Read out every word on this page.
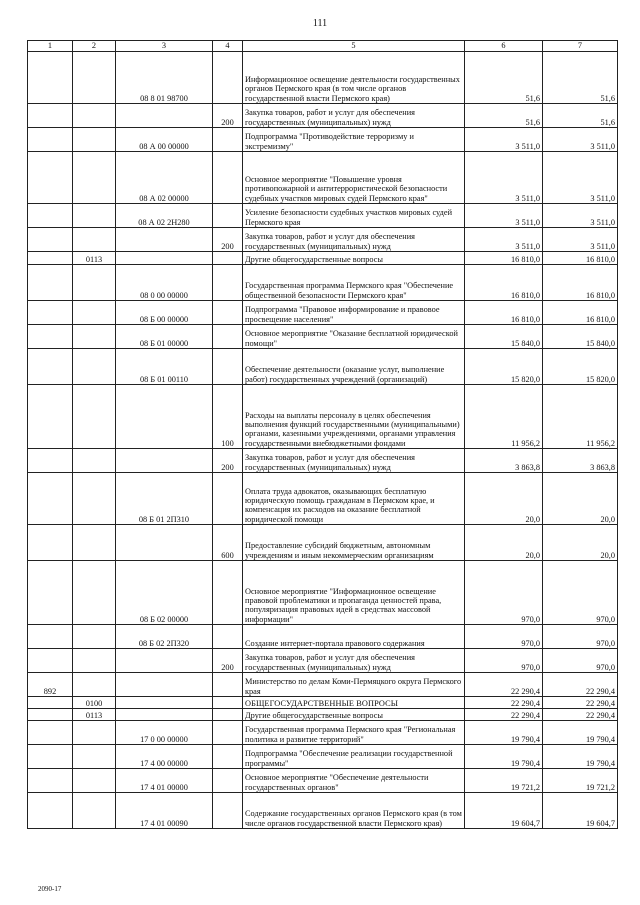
111
1	2	3	4	5	6	7
		08 8 01 98700		Информационное освещение деятельности государственных органов Пермского края (в том числе органов государственной власти Пермского края)	51,6	51,6
			200	Закупка товаров, работ и услуг для обеспечения государственных (муниципальных) нужд	51,6	51,6
		08 А 00 00000		Подпрограмма "Противодействие терроризму и экстремизму"	3 511,0	3 511,0
		08 А 02 00000		Основное мероприятие "Повышение уровня противопожарной и антитеррористической безопасности судебных участков мировых судей Пермского края"	3 511,0	3 511,0
		08 А 02 2Н280		Усиление безопасности судебных участков мировых судей Пермского края	3 511,0	3 511,0
			200	Закупка товаров, работ и услуг для обеспечения государственных (муниципальных) нужд	3 511,0	3 511,0
	0113			Другие общегосударственные вопросы	16 810,0	16 810,0
		08 0 00 00000		Государственная программа Пермского края "Обеспечение общественной безопасности Пермского края"	16 810,0	16 810,0
		08 Б 00 00000		Подпрограмма "Правовое информирование и правовое просвещение населения"	16 810,0	16 810,0
		08 Б 01 00000		Основное мероприятие "Оказание бесплатной юридической помощи"	15 840,0	15 840,0
		08 Б 01 00110		Обеспечение деятельности (оказание услуг, выполнение работ) государственных учреждений (организаций)	15 820,0	15 820,0
			100	Расходы на выплаты персоналу в целях обеспечения выполнения функций государственными (муниципальными) органами, казенными учреждениями, органами управления государственными внебюджетными фондами	11 956,2	11 956,2
			200	Закупка товаров, работ и услуг для обеспечения государственных (муниципальных) нужд	3 863,8	3 863,8
		08 Б 01 2П310		Оплата труда адвокатов, оказывающих бесплатную юридическую помощь гражданам в Пермском крае, и компенсация их расходов на оказание бесплатной юридической помощи	20,0	20,0
			600	Предоставление субсидий бюджетным, автономным учреждениям и иным некоммерческим организациям	20,0	20,0
		08 Б 02 00000		Основное мероприятие "Информационное освещение правовой проблематики и пропаганда ценностей права, популяризация правовых идей в средствах массовой информации"	970,0	970,0
		08 Б 02 2П320		Создание интернет-портала правового содержания	970,0	970,0
			200	Закупка товаров, работ и услуг для обеспечения государственных (муниципальных) нужд	970,0	970,0
892				Министерство по делам Коми-Пермяцкого округа Пермского края	22 290,4	22 290,4
	0100			ОБЩЕГОСУДАРСТВЕННЫЕ ВОПРОСЫ	22 290,4	22 290,4
	0113			Другие общегосударственные вопросы	22 290,4	22 290,4
		17 0 00 00000		Государственная программа Пермского края "Региональная политика и развитие территорий"	19 790,4	19 790,4
		17 4 00 00000		Подпрограмма "Обеспечение реализации государственной программы"	19 790,4	19 790,4
		17 4 01 00000		Основное мероприятие "Обеспечение деятельности государственных органов"	19 721,2	19 721,2
		17 4 01 00090		Содержание государственных органов Пермского края (в том числе органов государственной власти Пермского края)	19 604,7	19 604,7
2090-17
